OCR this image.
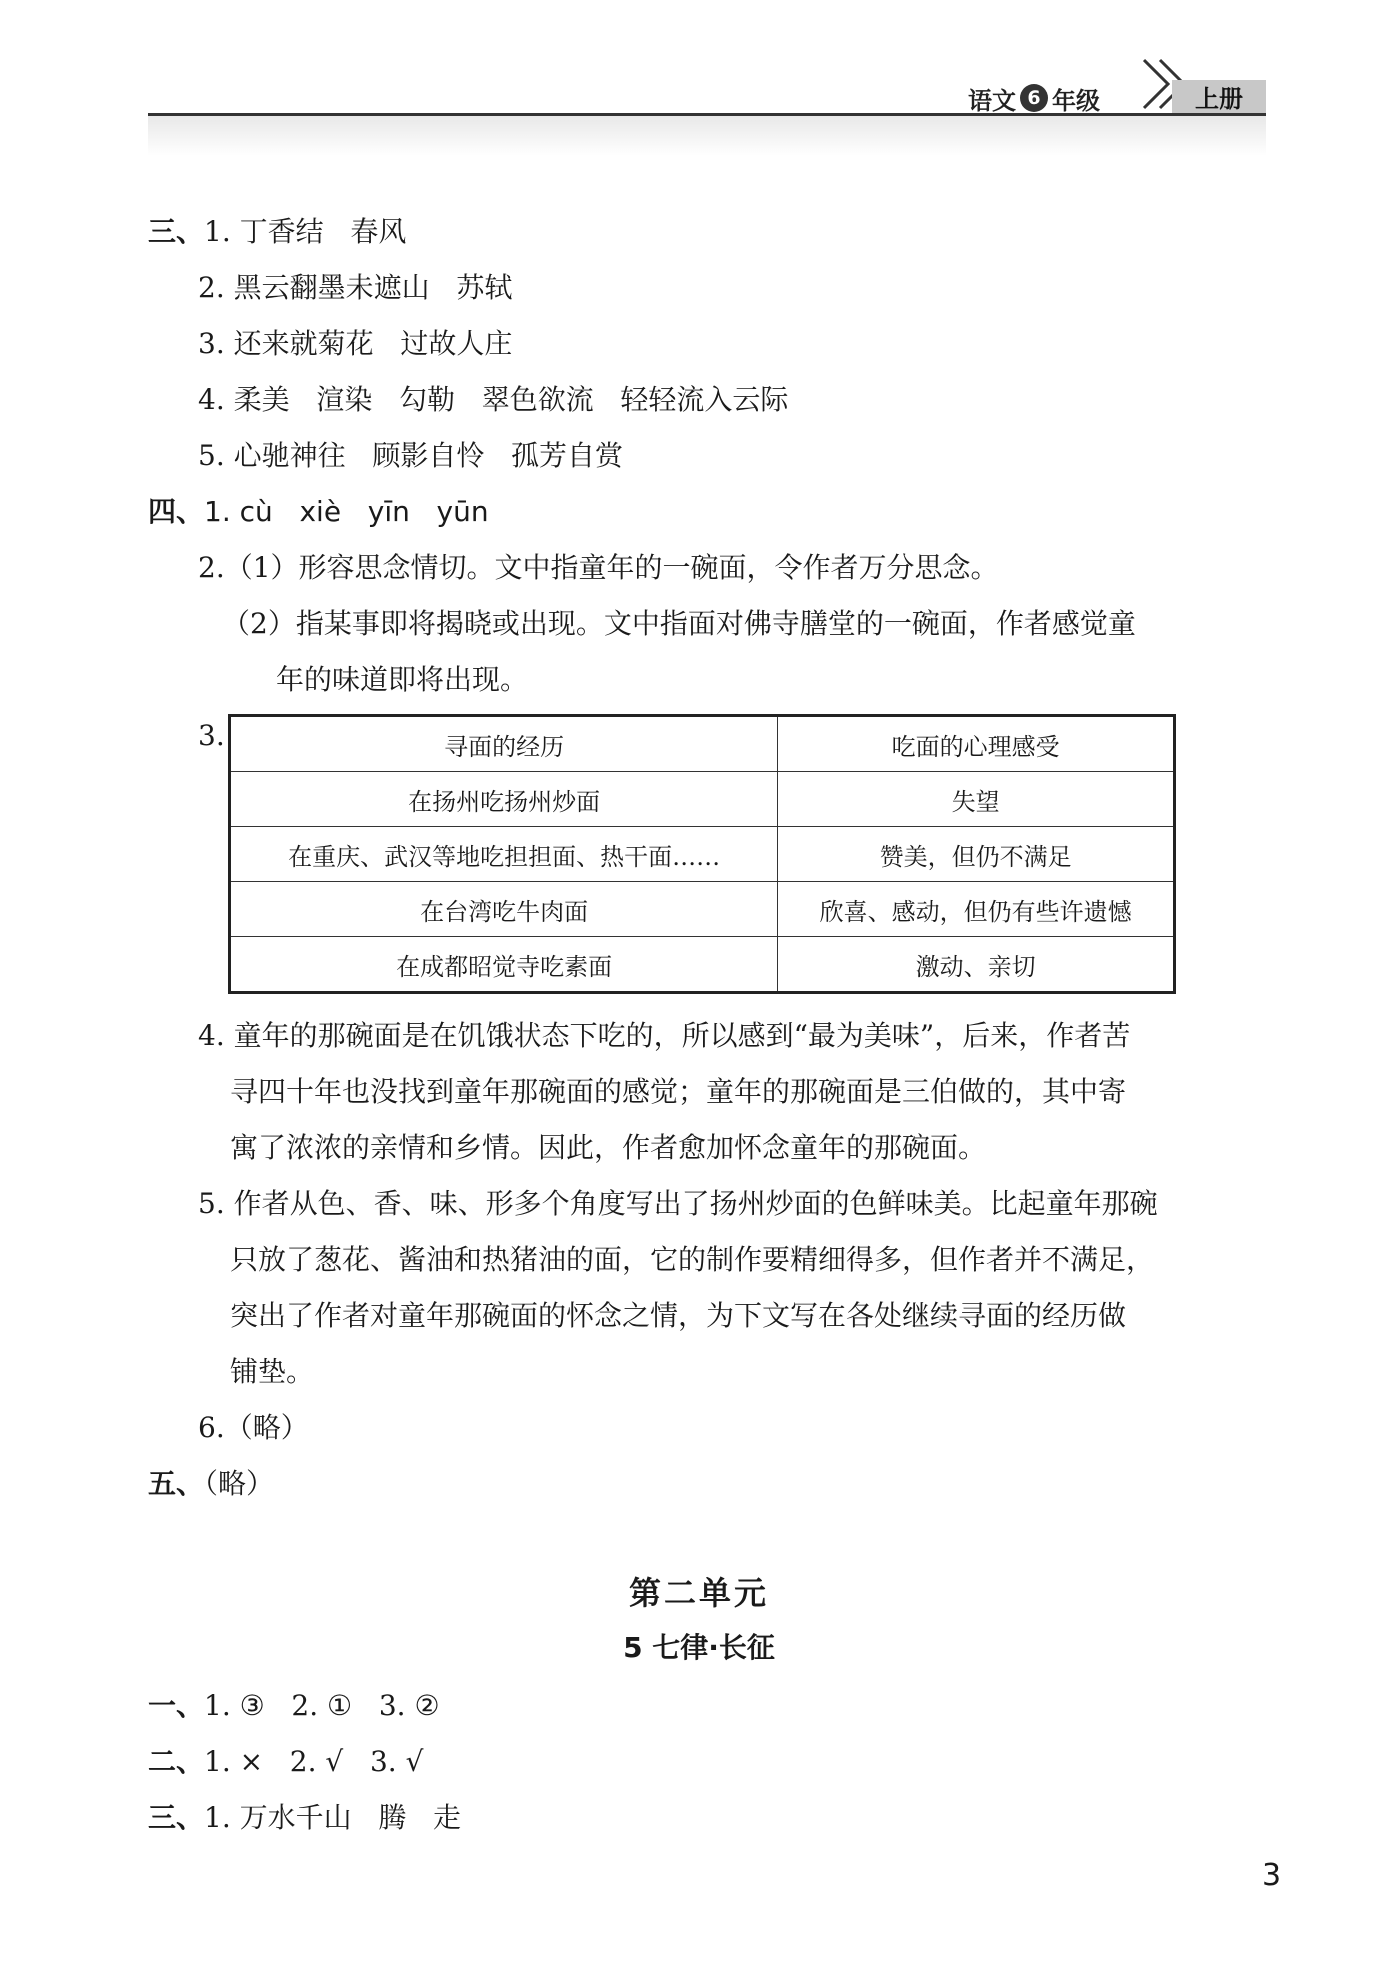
语文 6 年级	上册
三、1. 丁香结   春风
2. 黑云翻墨未遮山   苏轼
3. 还来就菊花   过故人庄
4. 柔美   渲染   勾勒   翠色欲流   轻轻流入云际
5. 心驰神往   顾影自怜   孤芳自赏
四、1. cù   xiè   yīn   yūn
2.（1）形容思念情切。文中指童年的一碗面，令作者万分思念。
（2）指某事即将揭晓或出现。文中指面对佛寺膳堂的一碗面，作者感觉童
年的味道即将出现。
3.	寻面的经历	吃面的心理感受
在扬州吃扬州炒面	失望
在重庆、武汉等地吃担担面、热干面……	赞美，但仍不满足
在台湾吃牛肉面	欣喜、感动，但仍有些许遗憾
在成都昭觉寺吃素面	激动、亲切
4. 童年的那碗面是在饥饿状态下吃的，所以感到“最为美味”，后来，作者苦
寻四十年也没找到童年那碗面的感觉；童年的那碗面是三伯做的，其中寄
寓了浓浓的亲情和乡情。因此，作者愈加怀念童年的那碗面。
5. 作者从色、香、味、形多个角度写出了扬州炒面的色鲜味美。比起童年那碗
只放了葱花、酱油和热猪油的面，它的制作要精细得多，但作者并不满足，
突出了作者对童年那碗面的怀念之情，为下文写在各处继续寻面的经历做
铺垫。
6.（略）
五、（略）
第二单元
5 七律·长征
一、1. ③   2. ①   3. ②
二、1. ×   2. √   3. √
三、1. 万水千山   腾   走
3
